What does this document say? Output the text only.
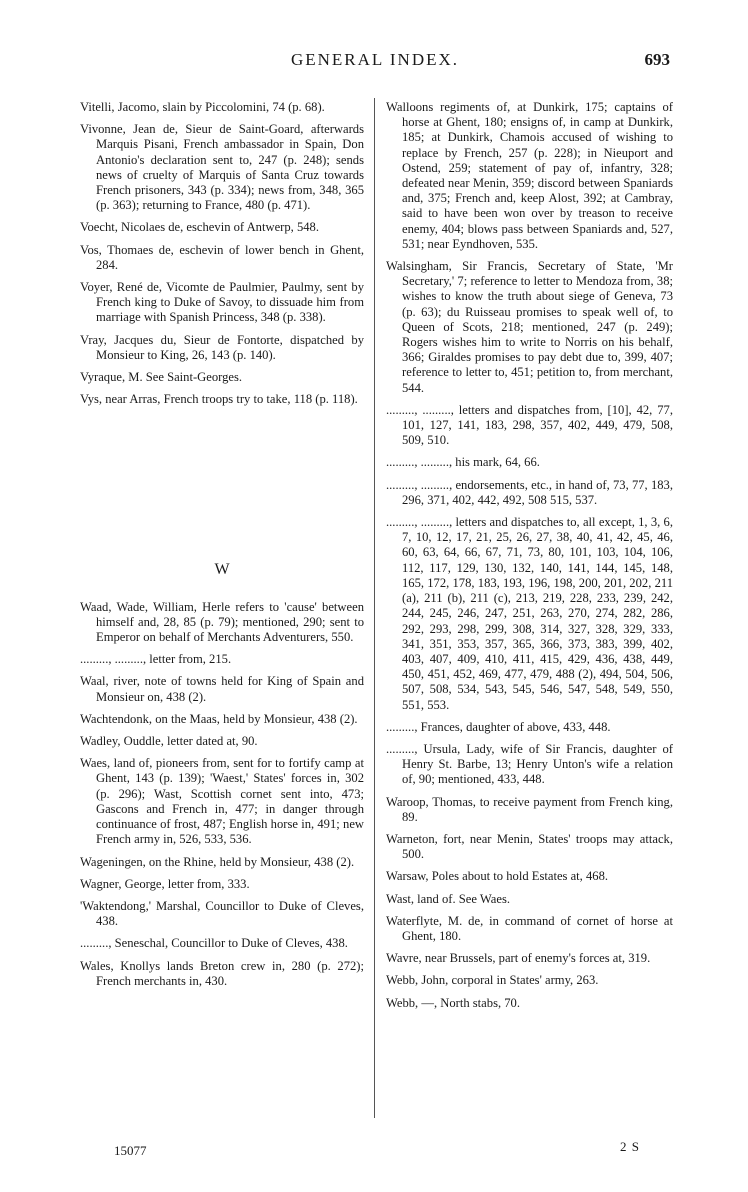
GENERAL INDEX.	693

Vitelli, Jacomo, slain by Piccolomini, 74 (p. 68).

Vivonne, Jean de, Sieur de Saint-Goard, afterwards Marquis Pisani, French ambassador in Spain, Don Antonio's declaration sent to, 247 (p. 248); sends news of cruelty of Marquis of Santa Cruz towards French prisoners, 343 (p. 334); news from, 348, 365 (p. 363); returning to France, 480 (p. 471).

Voecht, Nicolaes de, eschevin of Antwerp, 548.

Vos, Thomaes de, eschevin of lower bench in Ghent, 284.

Voyer, René de, Vicomte de Paulmier, Paulmy, sent by French king to Duke of Savoy, to dissuade him from marriage with Spanish Princess, 348 (p. 338).

Vray, Jacques du, Sieur de Fontorte, dispatched by Monsieur to King, 26, 143 (p. 140).

Vyraque, M. See Saint-Georges.

Vys, near Arras, French troops try to take, 118 (p. 118).

W

Waad, Wade, William, Herle refers to 'cause' between himself and, 28, 85 (p. 79); mentioned, 290; sent to Emperor on behalf of Merchants Adventurers, 550.

........., ........., letter from, 215.

Waal, river, note of towns held for King of Spain and Monsieur on, 438 (2).

Wachtendonk, on the Maas, held by Monsieur, 438 (2).

Wadley, Ouddle, letter dated at, 90.

Waes, land of, pioneers from, sent for to fortify camp at Ghent, 143 (p. 139); 'Waest,' States' forces in, 302 (p. 296); Wast, Scottish cornet sent into, 473; Gascons and French in, 477; in danger through continuance of frost, 487; English horse in, 491; new French army in, 526, 533, 536.

Wageningen, on the Rhine, held by Monsieur, 438 (2).

Wagner, George, letter from, 333.

'Waktendong,' Marshal, Councillor to Duke of Cleves, 438.

........., Seneschal, Councillor to Duke of Cleves, 438.

Wales, Knollys lands Breton crew in, 280 (p. 272); French merchants in, 430.

Walloons regiments of, at Dunkirk, 175; captains of horse at Ghent, 180; ensigns of, in camp at Dunkirk, 185; at Dunkirk, Chamois accused of wishing to replace by French, 257 (p. 228); in Nieuport and Ostend, 259; statement of pay of, infantry, 328; defeated near Menin, 359; discord between Spaniards and, 375; French and, keep Alost, 392; at Cambray, said to have been won over by treason to receive enemy, 404; blows pass between Spaniards and, 527, 531; near Eyndhoven, 535.

Walsingham, Sir Francis, Secretary of State, 'Mr Secretary,' 7; reference to letter to Mendoza from, 38; wishes to know the truth about siege of Geneva, 73 (p. 63); du Ruisseau promises to speak well of, to Queen of Scots, 218; mentioned, 247 (p. 249); Rogers wishes him to write to Norris on his behalf, 366; Giraldes promises to pay debt due to, 399, 407; reference to letter to, 451; petition to, from merchant, 544.

........., ........., letters and dispatches from, [10], 42, 77, 101, 127, 141, 183, 298, 357, 402, 449, 479, 508, 509, 510.

........., ........., his mark, 64, 66.

........., ........., endorsements, etc., in hand of, 73, 77, 183, 296, 371, 402, 442, 492, 508 515, 537.

........., ........., letters and dispatches to, all except, 1, 3, 6, 7, 10, 12, 17, 21, 25, 26, 27, 38, 40, 41, 42, 45, 46, 60, 63, 64, 66, 67, 71, 73, 80, 101, 103, 104, 106, 112, 117, 129, 130, 132, 140, 141, 144, 145, 148, 165, 172, 178, 183, 193, 196, 198, 200, 201, 202, 211 (a), 211 (b), 211 (c), 213, 219, 228, 233, 239, 242, 244, 245, 246, 247, 251, 263, 270, 274, 282, 286, 292, 293, 298, 299, 308, 314, 327, 328, 329, 333, 341, 351, 353, 357, 365, 366, 373, 383, 399, 402, 403, 407, 409, 410, 411, 415, 429, 436, 438, 449, 450, 451, 452, 469, 477, 479, 488 (2), 494, 504, 506, 507, 508, 534, 543, 545, 546, 547, 548, 549, 550, 551, 553.

........., Frances, daughter of above, 433, 448.

........., Ursula, Lady, wife of Sir Francis, daughter of Henry St. Barbe, 13; Henry Unton's wife a relation of, 90; mentioned, 433, 448.

Waroop, Thomas, to receive payment from French king, 89.

Warneton, fort, near Menin, States' troops may attack, 500.

Warsaw, Poles about to hold Estates at, 468.

Wast, land of. See Waes.

Waterflyte, M. de, in command of cornet of horse at Ghent, 180.

Wavre, near Brussels, part of enemy's forces at, 319.

Webb, John, corporal in States' army, 263.

Webb, —, North stabs, 70.

15077	2 S
